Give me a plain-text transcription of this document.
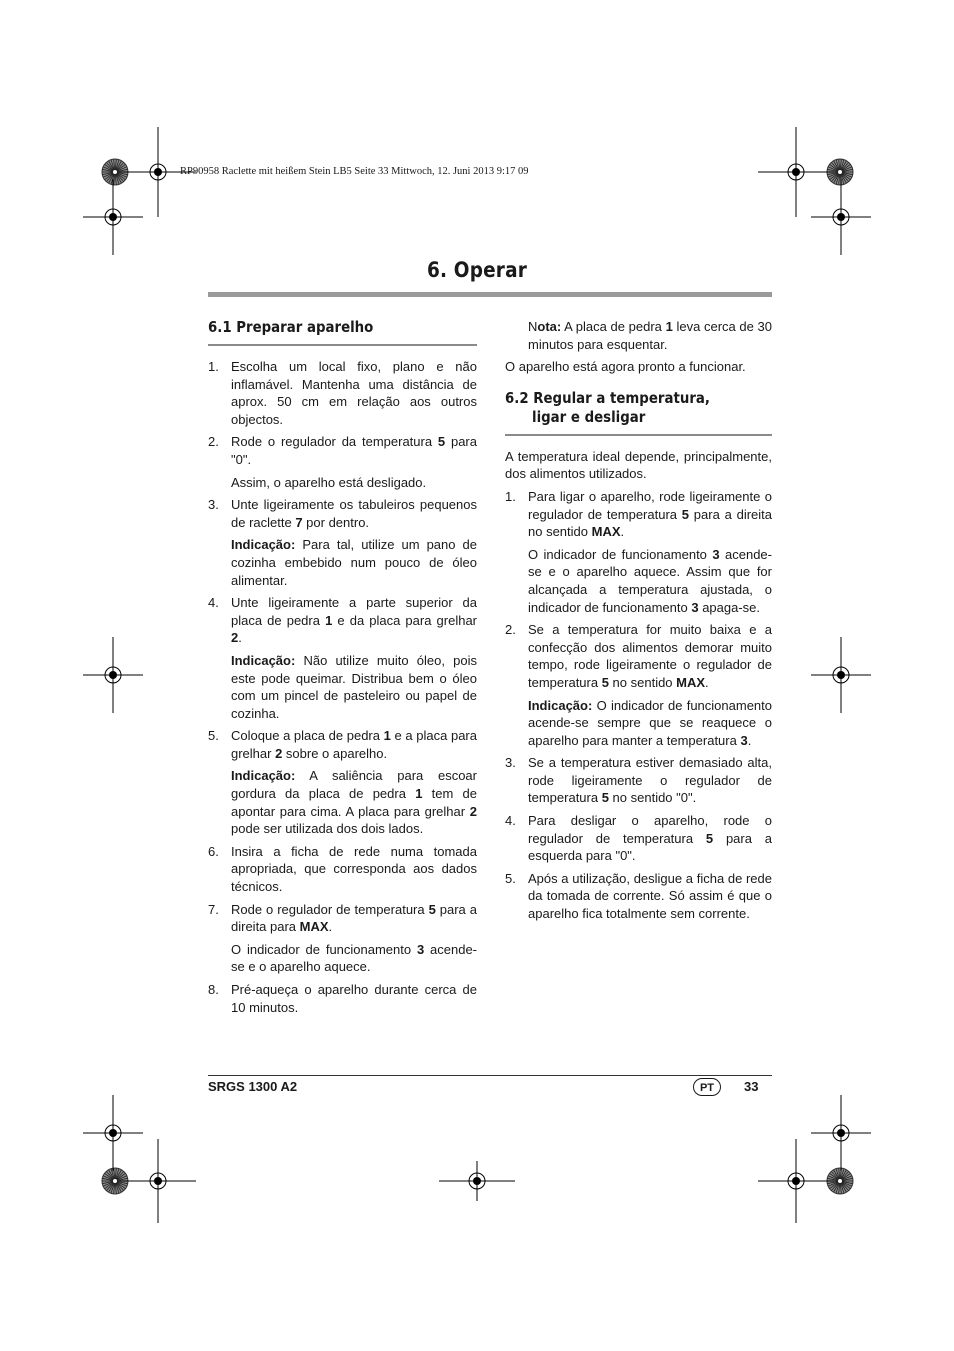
RP90958 Raclette mit heißem Stein LB5 Seite 33 Mittwoch, 12. Juni 2013 9:17 09
6. Operar
6.1 Preparar aparelho
1. Escolha um local fixo, plano e não inflamável. Mantenha uma distância de aprox. 50 cm em relação aos outros objectos.
2. Rode o regulador da temperatura 5 para "0".
Assim, o aparelho está desligado.
3. Unte ligeiramente os tabuleiros pequenos de raclette 7 por dentro.
Indicação: Para tal, utilize um pano de cozinha embebido num pouco de óleo alimentar.
4. Unte ligeiramente a parte superior da placa de pedra 1 e da placa para grelhar 2.
Indicação: Não utilize muito óleo, pois este pode queimar. Distribua bem o óleo com um pincel de pasteleiro ou papel de cozinha.
5. Coloque a placa de pedra 1 e a placa para grelhar 2 sobre o aparelho.
Indicação: A saliência para escoar gordura da placa de pedra 1 tem de apontar para cima. A placa para grelhar 2 pode ser utilizada dos dois lados.
6. Insira a ficha de rede numa tomada apropriada, que corresponda aos dados técnicos.
7. Rode o regulador de temperatura 5 para a direita para MAX.
O indicador de funcionamento 3 acende-se e o aparelho aquece.
8. Pré-aqueça o aparelho durante cerca de 10 minutos.
Nota: A placa de pedra 1 leva cerca de 30 minutos para esquentar.
O aparelho está agora pronto a funcionar.
6.2 Regular a temperatura,
ligar e desligar
A temperatura ideal depende, principalmente, dos alimentos utilizados.
1. Para ligar o aparelho, rode ligeiramente o regulador de temperatura 5 para a direita no sentido MAX.
O indicador de funcionamento 3 acende-se e o aparelho aquece. Assim que for alcançada a temperatura ajustada, o indicador de funcionamento 3 apaga-se.
2. Se a temperatura for muito baixa e a confecção dos alimentos demorar muito tempo, rode ligeiramente o regulador de temperatura 5 no sentido MAX.
Indicação: O indicador de funcionamento acende-se sempre que se reaquece o aparelho para manter a temperatura 3.
3. Se a temperatura estiver demasiado alta, rode ligeiramente o regulador de temperatura 5 no sentido "0".
4. Para desligar o aparelho, rode o regulador de temperatura 5 para a esquerda para "0".
5. Após a utilização, desligue a ficha de rede da tomada de corrente. Só assim é que o aparelho fica totalmente sem corrente.
SRGS 1300 A2	PT	33
